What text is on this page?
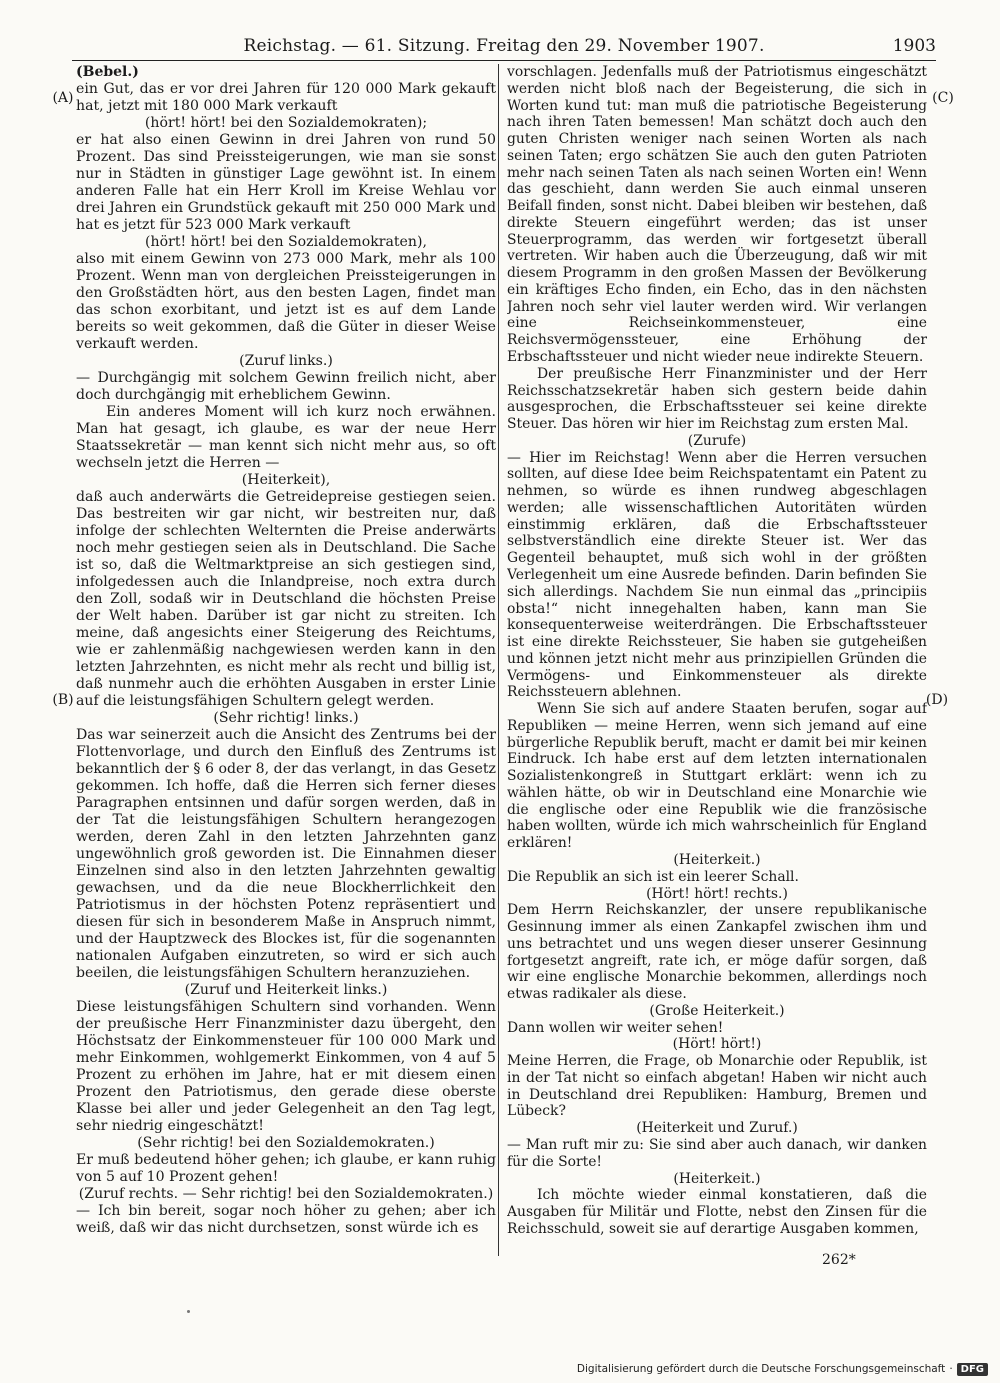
Reichstag. — 61. Sitzung. Freitag den 29. November 1907.	1903
(A)
(B)
(C)
(D)

(Bebel.)

ein Gut, das er vor drei Jahren für 120 000 Mark gekauft hat, jetzt mit 180 000 Mark verkauft

(hört! hört! bei den Sozialdemokraten);

er hat also einen Gewinn in drei Jahren von rund 50 Prozent. Das sind Preissteigerungen, wie man sie sonst nur in Städten in günstiger Lage gewöhnt ist. In einem anderen Falle hat ein Herr Kroll im Kreise Wehlau vor drei Jahren ein Grundstück gekauft mit 250 000 Mark und hat es jetzt für 523 000 Mark verkauft

(hört! hört! bei den Sozialdemokraten),

also mit einem Gewinn von 273 000 Mark, mehr als 100 Prozent. Wenn man von dergleichen Preissteigerungen in den Großstädten hört, aus den besten Lagen, findet man das schon exorbitant, und jetzt ist es auf dem Lande bereits so weit gekommen, daß die Güter in dieser Weise verkauft werden.

(Zuruf links.)

— Durchgängig mit solchem Gewinn freilich nicht, aber doch durchgängig mit erheblichem Gewinn.

Ein anderes Moment will ich kurz noch erwähnen. Man hat gesagt, ich glaube, es war der neue Herr Staatssekretär — man kennt sich nicht mehr aus, so oft wechseln jetzt die Herren —

(Heiterkeit),

daß auch anderwärts die Getreidepreise gestiegen seien. Das bestreiten wir gar nicht, wir bestreiten nur, daß infolge der schlechten Welternten die Preise anderwärts noch mehr gestiegen seien als in Deutschland. Die Sache ist so, daß die Weltmarktpreise an sich gestiegen sind, infolgedessen auch die Inlandpreise, noch extra durch den Zoll, sodaß wir in Deutschland die höchsten Preise der Welt haben. Darüber ist gar nicht zu streiten. Ich meine, daß angesichts einer Steigerung des Reichtums, wie er zahlenmäßig nachgewiesen werden kann in den letzten Jahrzehnten, es nicht mehr als recht und billig ist, daß nunmehr auch die erhöhten Ausgaben in erster Linie auf die leistungsfähigen Schultern gelegt werden.

(Sehr richtig! links.)

Das war seinerzeit auch die Ansicht des Zentrums bei der Flottenvorlage, und durch den Einfluß des Zentrums ist bekanntlich der § 6 oder 8, der das verlangt, in das Gesetz gekommen. Ich hoffe, daß die Herren sich ferner dieses Paragraphen entsinnen und dafür sorgen werden, daß in der Tat die leistungsfähigen Schultern herangezogen werden, deren Zahl in den letzten Jahrzehnten ganz ungewöhnlich groß geworden ist. Die Einnahmen dieser Einzelnen sind also in den letzten Jahrzehnten gewaltig gewachsen, und da die neue Blockherrlichkeit den Patriotismus in der höchsten Potenz repräsentiert und diesen für sich in besonderem Maße in Anspruch nimmt, und der Hauptzweck des Blockes ist, für die sogenannten nationalen Aufgaben einzutreten, so wird er sich auch beeilen, die leistungsfähigen Schultern heranzuziehen.

(Zuruf und Heiterkeit links.)

Diese leistungsfähigen Schultern sind vorhanden. Wenn der preußische Herr Finanzminister dazu übergeht, den Höchstsatz der Einkommensteuer für 100 000 Mark und mehr Einkommen, wohlgemerkt Einkommen, von 4 auf 5 Prozent zu erhöhen im Jahre, hat er mit diesem einen Prozent den Patriotismus, den gerade diese oberste Klasse bei aller und jeder Gelegenheit an den Tag legt, sehr niedrig eingeschätzt!

(Sehr richtig! bei den Sozialdemokraten.)

Er muß bedeutend höher gehen; ich glaube, er kann ruhig von 5 auf 10 Prozent gehen!

(Zuruf rechts. — Sehr richtig! bei den Sozialdemokraten.)

— Ich bin bereit, sogar noch höher zu gehen; aber ich weiß, daß wir das nicht durchsetzen, sonst würde ich es

vorschlagen. Jedenfalls muß der Patriotismus eingeschätzt werden nicht bloß nach der Begeisterung, die sich in Worten kund tut: man muß die patriotische Begeisterung nach ihren Taten bemessen! Man schätzt doch auch den guten Christen weniger nach seinen Worten als nach seinen Taten; ergo schätzen Sie auch den guten Patrioten mehr nach seinen Taten als nach seinen Worten ein! Wenn das geschieht, dann werden Sie auch einmal unseren Beifall finden, sonst nicht. Dabei bleiben wir bestehen, daß direkte Steuern eingeführt werden; das ist unser Steuerprogramm, das werden wir fortgesetzt überall vertreten. Wir haben auch die Überzeugung, daß wir mit diesem Programm in den großen Massen der Bevölkerung ein kräftiges Echo finden, ein Echo, das in den nächsten Jahren noch sehr viel lauter werden wird. Wir verlangen eine Reichseinkommensteuer, eine Reichsvermögenssteuer, eine Erhöhung der Erbschaftssteuer und nicht wieder neue indirekte Steuern.

Der preußische Herr Finanzminister und der Herr Reichsschatzsekretär haben sich gestern beide dahin ausgesprochen, die Erbschaftssteuer sei keine direkte Steuer. Das hören wir hier im Reichstag zum ersten Mal.

(Zurufe)

— Hier im Reichstag! Wenn aber die Herren versuchen sollten, auf diese Idee beim Reichspatentamt ein Patent zu nehmen, so würde es ihnen rundweg abgeschlagen werden; alle wissenschaftlichen Autoritäten würden einstimmig erklären, daß die Erbschaftssteuer selbstverständlich eine direkte Steuer ist. Wer das Gegenteil behauptet, muß sich wohl in der größten Verlegenheit um eine Ausrede befinden. Darin befinden Sie sich allerdings. Nachdem Sie nun einmal das „principiis obsta!“ nicht innegehalten haben, kann man Sie konsequenterweise weiterdrängen. Die Erbschaftssteuer ist eine direkte Reichssteuer, Sie haben sie gutgeheißen und können jetzt nicht mehr aus prinzipiellen Gründen die Vermögens- und Einkommensteuer als direkte Reichssteuern ablehnen.

Wenn Sie sich auf andere Staaten berufen, sogar auf Republiken — meine Herren, wenn sich jemand auf eine bürgerliche Republik beruft, macht er damit bei mir keinen Eindruck. Ich habe erst auf dem letzten internationalen Sozialistenkongreß in Stuttgart erklärt: wenn ich zu wählen hätte, ob wir in Deutschland eine Monarchie wie die englische oder eine Republik wie die französische haben wollten, würde ich mich wahrscheinlich für England erklären!

(Heiterkeit.)

Die Republik an sich ist ein leerer Schall.

(Hört! hört! rechts.)

Dem Herrn Reichskanzler, der unsere republikanische Gesinnung immer als einen Zankapfel zwischen ihm und uns betrachtet und uns wegen dieser unserer Gesinnung fortgesetzt angreift, rate ich, er möge dafür sorgen, daß wir eine englische Monarchie bekommen, allerdings noch etwas radikaler als diese.

(Große Heiterkeit.)

Dann wollen wir weiter sehen!

(Hört! hört!)

Meine Herren, die Frage, ob Monarchie oder Republik, ist in der Tat nicht so einfach abgetan! Haben wir nicht auch in Deutschland drei Republiken: Hamburg, Bremen und Lübeck?

(Heiterkeit und Zuruf.)

— Man ruft mir zu: Sie sind aber auch danach, wir danken für die Sorte!

(Heiterkeit.)

Ich möchte wieder einmal konstatieren, daß die Ausgaben für Militär und Flotte, nebst den Zinsen für die Reichsschuld, soweit sie auf derartige Ausgaben kommen,

262*
Digitalisierung gefördert durch die Deutsche Forschungsgemeinschaft · DFG
